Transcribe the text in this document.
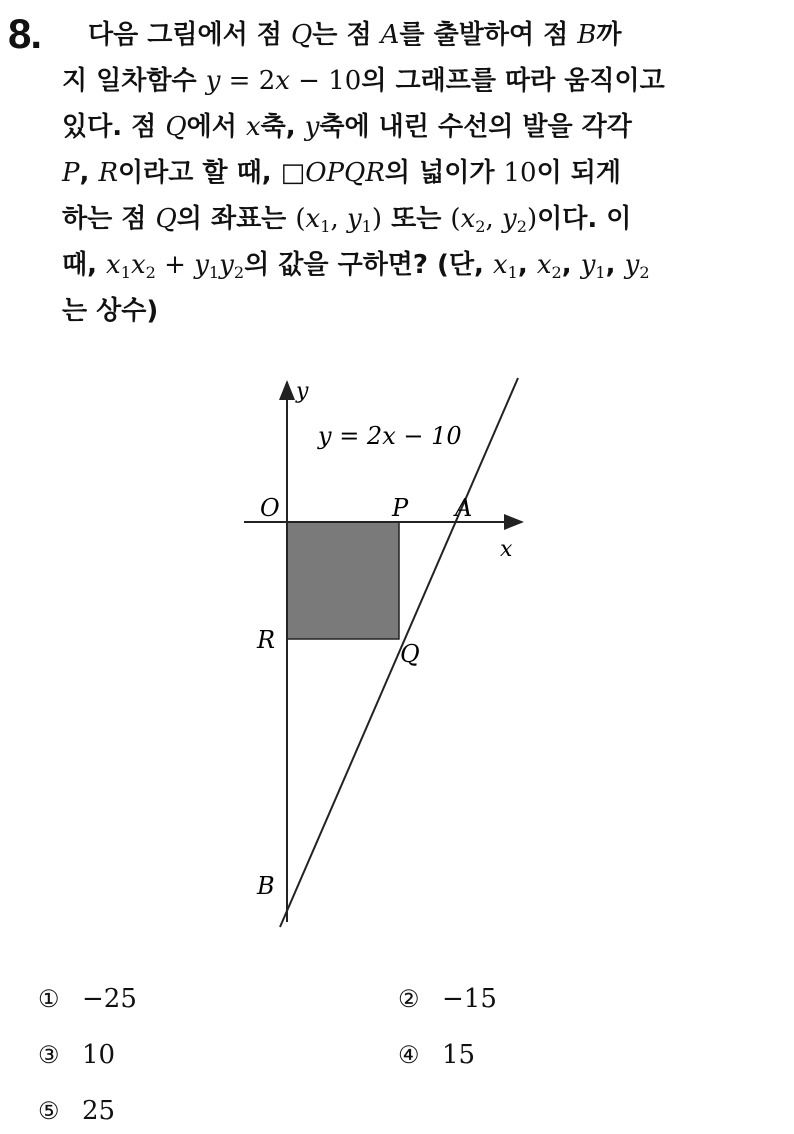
8.	다음 그림에서 점 Q는 점 A를 출발하여 점 B까
지 일차함수 y = 2x − 10의 그래프를 따라 움직이고
있다. 점 Q에서 x축, y축에 내린 수선의 발을 각각
P, R이라고 할 때, □OPQR의 넓이가 10이 되게
하는 점 Q의 좌표는 ($x_1$, $y_1$) 또는 ($x_2$, $y_2$)이다. 이
때, $x_1x_2 + y_1y_2$의 값을 구하면? (단, $x_1$, $x_2$, $y_1$, $y_2$
는 상수)
y
x
y = 2x − 10
O	P A
R	Q
B
① −25	② −15
③ 10	④ 15
⑤ 25
